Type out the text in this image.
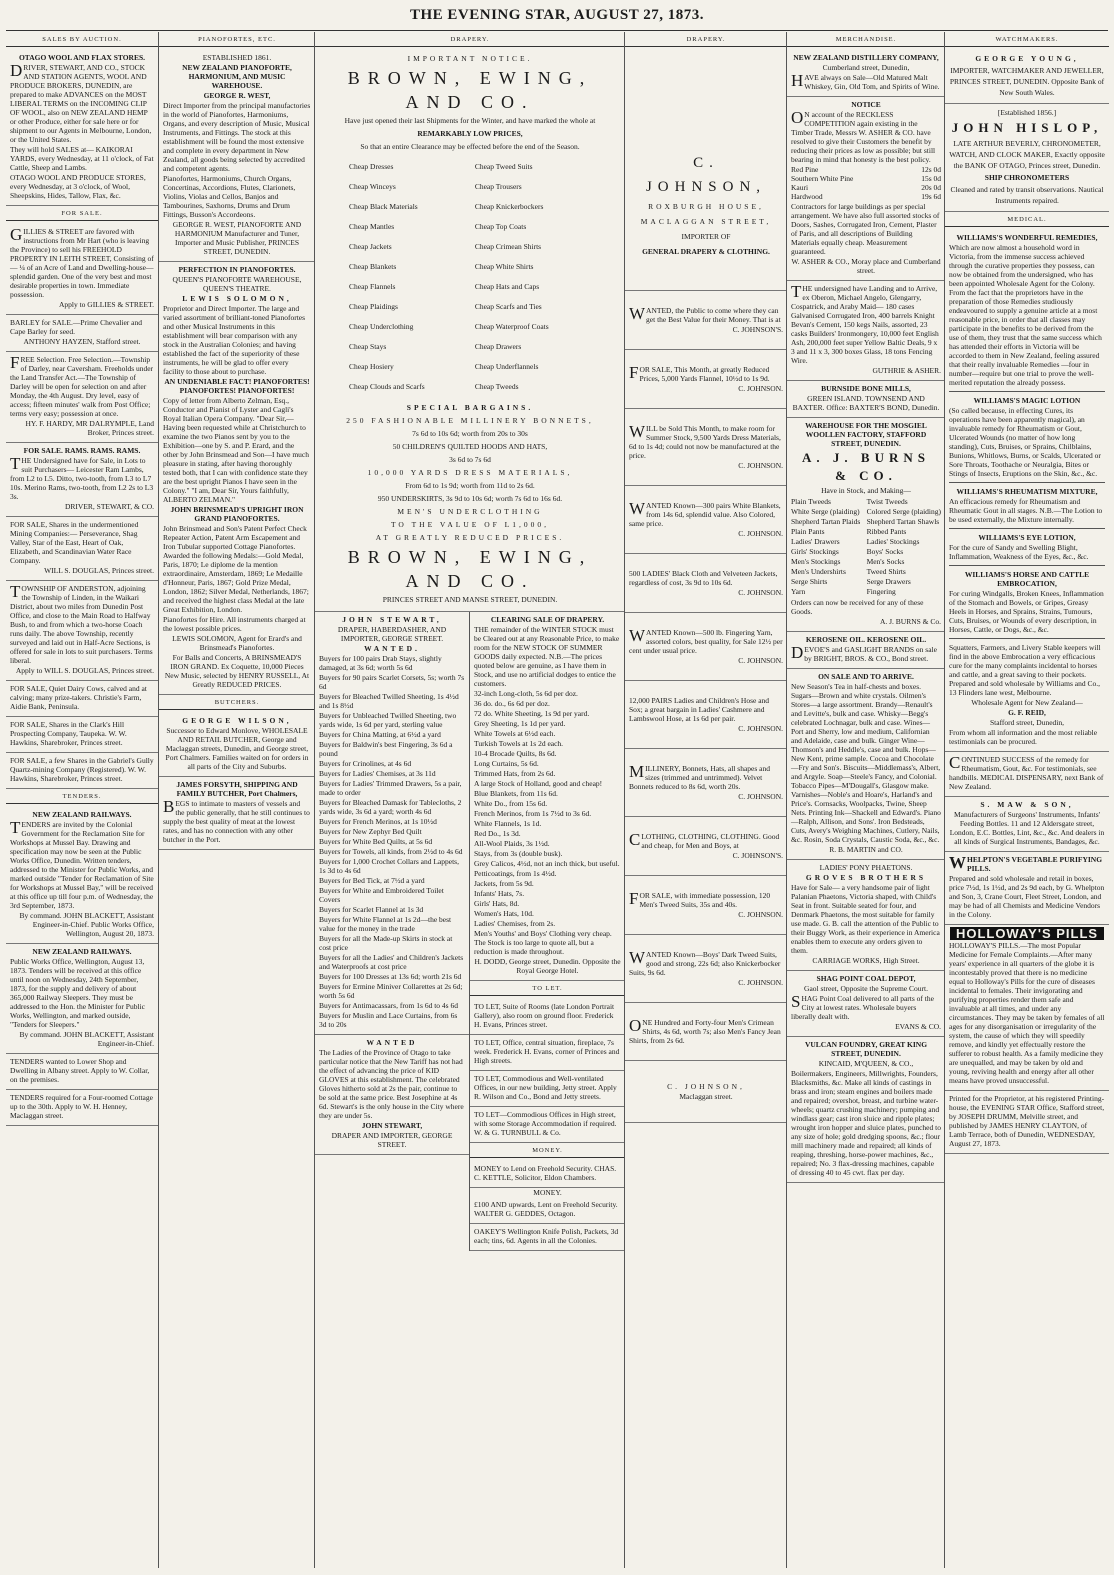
THE EVENING STAR, AUGUST 27, 1873.
SALES BY AUCTION.

OTAGO WOOL AND FLAX STORES.

DRIVER, STEWART, AND CO., STOCK AND STATION AGENTS, WOOL AND PRODUCE BROKERS, DUNEDIN, are prepared to make ADVANCES on the MOST LIBERAL TERMS on the INCOMING CLIP OF WOOL, also on NEW ZEALAND HEMP or other Produce, either for sale here or for shipment to our Agents in Melbourne, London, or the United States.

They will hold SALES at— KAIKORAI YARDS, every Wednesday, at 11 o'clock, of Fat Cattle, Sheep and Lambs.

OTAGO WOOL AND PRODUCE STORES, every Wednesday, at 3 o'clock, of Wool, Sheepskins, Hides, Tallow, Flax, &c.

FOR SALE.

GILLIES & STREET are favored with instructions from Mr Hart (who is leaving the Province) to sell his FREEHOLD PROPERTY IN LEITH STREET, Consisting of— ¼ of an Acre of Land and Dwelling-house—splendid garden. One of the very best and most desirable properties in town. Immediate possession.

Apply to GILLIES & STREET.

BARLEY for SALE.—Prime Chevalier and Cape Barley for seed.

ANTHONY HAYZEN, Stafford street.

FREE Selection. Free Selection.—Township of Darley, near Caversham. Freeholds under the Land Transfer Act.—The Township of Darley will be open for selection on and after Monday, the 4th August. Dry level, easy of access; fifteen minutes' walk from Post Office; terms very easy; possession at once.

HY. F. HARDY, MR DALRYMPLE, Land Broker, Princes street.

FOR SALE. RAMS. RAMS. RAMS.

THE Undersigned have for Sale, in Lots to suit Purchasers— Leicester Ram Lambs, from L2 to L5. Ditto, two-tooth, from L3 to L7 10s. Merino Rams, two-tooth, from L2 2s to L3 3s.

DRIVER, STEWART, & CO.

FOR SALE, Shares in the undermentioned Mining Companies:— Perseverance, Shag Valley, Star of the East, Heart of Oak, Elizabeth, and Scandinavian Water Race Company.

WILL S. DOUGLAS, Princes street.

TOWNSHIP OF ANDERSTON, adjoining the Township of Linden, in the Waikari District, about two miles from Dunedin Post Office, and close to the Main Road to Halfway Bush, to and from which a two-horse Coach runs daily. The above Township, recently surveyed and laid out in Half-Acre Sections, is offered for sale in lots to suit purchasers. Terms liberal.

Apply to WILL S. DOUGLAS, Princes street.

FOR SALE, Quiet Dairy Cows, calved and at calving; many prize-takers. Christie's Farm, Aidie Bank, Peninsula.

FOR SALE, Shares in the Clark's Hill Prospecting Company, Taupeka. W. W. Hawkins, Sharebroker, Princes street.

FOR SALE, a few Shares in the Gabriel's Gully Quartz-mining Company (Registered). W. W. Hawkins, Sharebroker, Princes street.

TENDERS.

NEW ZEALAND RAILWAYS.

TENDERS are invited by the Colonial Government for the Reclamation Site for Workshops at Mussel Bay. Drawing and specification may now be seen at the Public Works Office, Dunedin. Written tenders, addressed to the Minister for Public Works, and marked outside "Tender for Reclamation of Site for Workshops at Mussel Bay," will be received at this office up till four p.m. of Wednesday, the 3rd September, 1873.

By command. JOHN BLACKETT, Assistant Engineer-in-Chief. Public Works Office, Wellington, August 20, 1873.

NEW ZEALAND RAILWAYS.

Public Works Office, Wellington, August 13, 1873. Tenders will be received at this office until noon on Wednesday, 24th September, 1873, for the supply and delivery of about 365,000 Railway Sleepers. They must be addressed to the Hon. the Minister for Public Works, Wellington, and marked outside, "Tenders for Sleepers."

By command. JOHN BLACKETT, Assistant Engineer-in-Chief.

TENDERS wanted to Lower Shop and Dwelling in Albany street. Apply to W. Collar, on the premises.

TENDERS required for a Four-roomed Cottage up to the 30th. Apply to W. H. Henney, Maclaggan street.

PIANOFORTES, ETC.

ESTABLISHED 1861.

NEW ZEALAND PIANOFORTE, HARMONIUM, AND MUSIC WAREHOUSE.

GEORGE R. WEST,

Direct Importer from the principal manufactories in the world of Pianofortes, Harmoniums, Organs, and every description of Music, Musical Instruments, and Fittings. The stock at this establishment will be found the most extensive and complete in every department in New Zealand, all goods being selected by accredited and competent agents.

Pianofortes, Harmoniums, Church Organs, Concertinas, Accordions, Flutes, Clarionets, Violins, Violas and Cellos, Banjos and Tambourines, Saxhorns, Drums and Drum Fittings, Busson's Accordeons.

GEORGE R. WEST, PIANOFORTE AND HARMONIUM Manufacturer and Tuner, Importer and Music Publisher, PRINCES STREET, DUNEDIN.

PERFECTION IN PIANOFORTES.

QUEEN'S PIANOFORTE WAREHOUSE, QUEEN'S THEATRE.

LEWIS SOLOMON,

Proprietor and Direct Importer. The large and varied assortment of brilliant-toned Pianofortes and other Musical Instruments in this establishment will bear comparison with any stock in the Australian Colonies; and having established the fact of the superiority of these instruments, he will be glad to offer every facility to those about to purchase.

AN UNDENIABLE FACT! PIANOFORTES! PIANOFORTES! PIANOFORTES!

Copy of letter from Alberto Zelman, Esq., Conductor and Pianist of Lyster and Cagli's Royal Italian Opera Company. "Dear Sir,—Having been requested while at Christchurch to examine the two Pianos sent by you to the Exhibition—one by S. and P. Erard, and the other by John Brinsmead and Son—I have much pleasure in stating, after having thoroughly tested both, that I can with confidence state they are the best upright Pianos I have seen in the Colony." "I am, Dear Sir, Yours faithfully, ALBERTO ZELMAN."

JOHN BRINSMEAD'S UPRIGHT IRON GRAND PIANOFORTES.

John Brinsmead and Son's Patent Perfect Check Repeater Action, Patent Arm Escapement and Iron Tubular supported Cottage Pianofortes. Awarded the following Medals:—Gold Medal, Paris, 1870; Le diplome de la mention extraordinaire, Amsterdam, 1869; Le Medaille d'Honneur, Paris, 1867; Gold Prize Medal, London, 1862; Silver Medal, Netherlands, 1867; and received the highest class Medal at the late Great Exhibition, London.

Pianofortes for Hire. All instruments charged at the lowest possible prices.

LEWIS SOLOMON, Agent for Erard's and Brinsmead's Pianofortes.

For Balls and Concerts, A BRINSMEAD'S IRON GRAND. Ex Coquette, 10,000 Pieces New Music, selected by HENRY RUSSELL, At Greatly REDUCED PRICES.

BUTCHERS.

GEORGE WILSON,

Successor to Edward Monlove, WHOLESALE AND RETAIL BUTCHER, George and Maclaggan streets, Dunedin, and George street, Port Chalmers. Families waited on for orders in all parts of the City and Suburbs.

JAMES FORSYTH, SHIPPING AND FAMILY BUTCHER, Port Chalmers,

BEGS to intimate to masters of vessels and the public generally, that he still continues to supply the best quality of meat at the lowest rates, and has no connection with any other butcher in the Port.

DRAPERY.

IMPORTANT NOTICE.

BROWN, EWING, AND CO.

Have just opened their last Shipments for the Winter, and have marked the whole at

REMARKABLY LOW PRICES,

So that an entire Clearance may be effected before the end of the Season.

Cheap Dresses

Cheap Winceys

Cheap Black Materials

Cheap Mantles

Cheap Jackets

Cheap Blankets

Cheap Flannels

Cheap Plaidings

Cheap Underclothing

Cheap Stays

Cheap Hosiery

Cheap Clouds and Scarfs

Cheap Tweed Suits

Cheap Trousers

Cheap Knickerbockers

Cheap Top Coats

Cheap Crimean Shirts

Cheap White Shirts

Cheap Hats and Caps

Cheap Scarfs and Ties

Cheap Waterproof Coats

Cheap Drawers

Cheap Underflannels

Cheap Tweeds

SPECIAL BARGAINS.

250 FASHIONABLE MILLINERY BONNETS,

7s 6d to 10s 6d; worth from 20s to 30s

50 CHILDREN'S QUILTED HOODS AND HATS,

3s 6d to 7s 6d

10,000 YARDS DRESS MATERIALS,

From 6d to 1s 9d; worth from 11d to 2s 6d.

950 UNDERSKIRTS, 3s 9d to 10s 6d; worth 7s 6d to 16s 6d.

MEN'S UNDERCLOTHING

TO THE VALUE OF L1,000,

AT GREATLY REDUCED PRICES.

BROWN, EWING, AND CO.

PRINCES STREET AND MANSE STREET, DUNEDIN.

JOHN STEWART,

DRAPER, HABERDASHER, AND IMPORTER, GEORGE STREET.

WANTED.

Buyers for 100 pairs Drab Stays, slightly damaged, at 3s 6d; worth 5s 6d

Buyers for 90 pairs Scarlet Corsets, 5s; worth 7s 6d

Buyers for Bleached Twilled Sheeting, 1s 4½d and 1s 8½d

Buyers for Unbleached Twilled Sheeting, two yards wide, 1s 6d per yard, sterling value

Buyers for China Matting, at 6½d a yard

Buyers for Baldwin's best Fingering, 3s 6d a pound

Buyers for Crinolines, at 4s 6d

Buyers for Ladies' Chemises, at 3s 11d

Buyers for Ladies' Trimmed Drawers, 5s a pair, made to order

Buyers for Bleached Damask for Tablecloths, 2 yards wide, 3s 6d a yard; worth 4s 6d

Buyers for French Merinos, at 1s 10½d

Buyers for New Zephyr Bed Quilt

Buyers for White Bed Quilts, at 5s 6d

Buyers for Towels, all kinds, from 2½d to 4s 6d

Buyers for 1,000 Crochet Collars and Lappets, 1s 3d to 4s 6d

Buyers for Bed Tick, at 7½d a yard

Buyers for White and Embroidered Toilet Covers

Buyers for Scarlet Flannel at 1s 3d

Buyers for White Flannel at 1s 2d—the best value for the money in the trade

Buyers for all the Made-up Skirts in stock at cost price

Buyers for all the Ladies' and Children's Jackets and Waterproofs at cost price

Buyers for 100 Dresses at 13s 6d; worth 21s 6d

Buyers for Ermine Miniver Collarettes at 2s 6d; worth 5s 6d

Buyers for Antimacassars, from 1s 6d to 4s 6d

Buyers for Muslin and Lace Curtains, from 6s 3d to 20s

WANTED

The Ladies of the Province of Otago to take particular notice that the New Tariff has not had the effect of advancing the price of KID GLOVES at this establishment. The celebrated Gloves hitherto sold at 2s the pair, continue to be sold at the same price. Best Josephine at 4s 6d. Stewart's is the only house in the City where they are under 5s.

JOHN STEWART,

DRAPER AND IMPORTER, GEORGE STREET.

CLEARING SALE OF DRAPERY.

THE remainder of the WINTER STOCK must be Cleared out at any Reasonable Price, to make room for the NEW STOCK OF SUMMER GOODS daily expected. N.B.—The prices quoted below are genuine, as I have them in Stock, and use no artificial dodges to entice the customers.

32-inch Long-cloth, 5s 6d per doz.

36 do. do., 6s 6d per doz.

72 do. White Sheeting, 1s 9d per yard.

Grey Sheeting, 1s 1d per yard.

White Towels at 6½d each.

Turkish Towels at 1s 2d each.

10-4 Brocade Quilts, 8s 6d.

Long Curtains, 5s 6d.

Trimmed Hats, from 2s 6d.

A large Stock of Holland, good and cheap!

Blue Blankets, from 11s 6d.

White Do., from 15s 6d.

French Merinos, from 1s 7½d to 3s 6d.

White Flannels, 1s 1d.

Red Do., 1s 3d.

All-Wool Plaids, 3s 1½d.

Stays, from 3s (double busk).

Grey Calicos, 4½d, not an inch thick, but useful.

Petticoatings, from 1s 4½d.

Jackets, from 5s 9d.

Infants' Hats, 7s.

Girls' Hats, 8d.

Women's Hats, 10d.

Ladies' Chemises, from 2s.

Men's Youths' and Boys' Clothing very cheap. The Stock is too large to quote all, but a reduction is made throughout.

H. DODD, George street, Dunedin. Opposite the Royal George Hotel.

TO LET.

TO LET, Suite of Rooms (late London Portrait Gallery), also room on ground floor. Frederick H. Evans, Princes street.

TO LET, Office, central situation, fireplace, 7s week. Frederick H. Evans, corner of Princes and High streets.

TO LET, Commodious and Well-ventilated Offices, in our new building, Jetty street. Apply R. Wilson and Co., Bond and Jetty streets.

TO LET—Commodious Offices in High street, with some Storage Accommodation if required. W. & G. TURNBULL & Co.

MONEY.

MONEY to Lend on Freehold Security. CHAS. C. KETTLE, Solicitor, Eldon Chambers.

MONEY.

£100 AND upwards, Lent on Freehold Security. WALTER G. GEDDES, Octagon.

OAKEY'S Wellington Knife Polish, Packets, 3d each; tins, 6d. Agents in all the Colonies.

DRAPERY.

C. JOHNSON,

ROXBURGH HOUSE,

MACLAGGAN STREET,

IMPORTER OF

GENERAL DRAPERY & CLOTHING.

WANTED, the Public to come where they can get the Best Value for their Money. That is at

C. JOHNSON'S.

FOR SALE, This Month, at greatly Reduced Prices, 5,000 Yards Flannel, 10½d to 1s 9d.

C. JOHNSON.

WILL be Sold This Month, to make room for Summer Stock, 9,500 Yards Dress Materials, 6d to 1s 4d; could not now be manufactured at the price.

C. JOHNSON.

WANTED Known—300 pairs White Blankets, from 14s 6d, splendid value. Also Colored, same price.

C. JOHNSON.

500 LADIES' Black Cloth and Velveteen Jackets, regardless of cost, 3s 9d to 10s 6d.

C. JOHNSON.

WANTED Known—500 lb. Fingering Yarn, assorted colors, best quality, for Sale 12½ per cent under usual price.

C. JOHNSON.

12,000 PAIRS Ladies and Children's Hose and Sox; a great bargain in Ladies' Cashmere and Lambswool Hose, at 1s 6d per pair.

C. JOHNSON.

MILLINERY, Bonnets, Hats, all shapes and sizes (trimmed and untrimmed). Velvet Bonnets reduced to 8s 6d, worth 20s.

C. JOHNSON.

CLOTHING, CLOTHING, CLOTHING. Good and cheap, for Men and Boys, at

C. JOHNSON'S.

FOR SALE, with immediate possession, 120 Men's Tweed Suits, 35s and 40s.

C. JOHNSON.

WANTED Known—Boys' Dark Tweed Suits, good and strong, 22s 6d; also Knickerbocker Suits, 9s 6d.

C. JOHNSON.

ONE Hundred and Forty-four Men's Crimean Shirts, 4s 6d, worth 7s; also Men's Fancy Jean Shirts, from 2s 6d.

C. JOHNSON,

Maclaggan street.

MERCHANDISE.

NEW ZEALAND DISTILLERY COMPANY,

Cumberland street, Dunedin,

HAVE always on Sale—Old Matured Malt Whiskey, Gin, Old Tom, and Spirits of Wine.

NOTICE

ON account of the RECKLESS COMPETITION again existing in the Timber Trade, Messrs W. ASHER & CO. have resolved to give their Customers the benefit by reducing their prices as low as possible; but still bearing in mind that honesty is the best policy.

Red Pine	12s 0d
Southern White Pine	15s 0d
Kauri	20s 0d
Hardwood	19s 6d

Contractors for large buildings as per special arrangement. We have also full assorted stocks of Doors, Sashes, Corrugated Iron, Cement, Plaster of Paris, and all descriptions of Building Materials equally cheap. Measurement guaranteed.

W. ASHER & CO., Moray place and Cumberland street.

THE undersigned have Landing and to Arrive, ex Oberon, Michael Angelo, Glengarry, Cospatrick, and Araby Maid— 180 cases Galvanised Corrugated Iron, 400 barrels Knight Bevan's Cement, 150 kegs Nails, assorted, 23 casks Builders' Ironmongery, 10,000 feet English Ash, 200,000 feet super Yellow Baltic Deals, 9 x 3 and 11 x 3, 300 boxes Glass, 18 tons Fencing Wire.

GUTHRIE & ASHER.

BURNSIDE BONE MILLS,

GREEN ISLAND. TOWNSEND AND BAXTER. Office: BAXTER'S BOND, Dunedin.

WAREHOUSE FOR THE MOSGIEL WOOLLEN FACTORY, STAFFORD STREET, DUNEDIN.

A. J. BURNS & CO.

Have in Stock, and Making—

Plain Tweeds

White Serge (plaiding)

Shepherd Tartan Plaids

Plain Pants

Ladies' Drawers

Girls' Stockings

Men's Stockings

Men's Undershirts

Serge Shirts

Yarn

Twist Tweeds

Colored Serge (plaiding)

Shepherd Tartan Shawls

Ribbed Pants

Ladies' Stockings

Boys' Socks

Men's Socks

Tweed Shirts

Serge Drawers

Fingering

Orders can now be received for any of these Goods.

A. J. BURNS & Co.

KEROSENE OIL. KEROSENE OIL.

DEVOE'S and GASLIGHT BRANDS on sale by BRIGHT, BROS. & CO., Bond street.

ON SALE AND TO ARRIVE.

New Season's Tea in half-chests and boxes. Sugars—Brown and white crystals. Oilmen's Stores—a large assortment. Brandy—Renault's and Levitte's, bulk and case. Whisky—Begg's celebrated Lochnagar, bulk and case. Wines—Port and Sherry, low and medium, Californian and Adelaide, case and bulk. Ginger Wine—Thomson's and Heddle's, case and bulk. Hops—New Kent, prime sample. Cocoa and Chocolate—Fry and Son's. Biscuits—Middlemass's, Albert, and Argyle. Soap—Steele's Fancy, and Colonial. Tobacco Pipes—M'Dougall's, Glasgow make. Varnishes—Noble's and Hoare's, Harland's and Price's. Cornsacks, Woolpacks, Twine, Sheep Nets. Printing Ink—Shackell and Edward's. Piano—Ralph, Allison, and Sons'. Iron Bedsteads, Cuts, Avery's Weighing Machines, Cutlery, Nails, &c. Rosin, Soda Crystals, Caustic Soda, &c., &c.

R. B. MARTIN and CO.

LADIES' PONY PHAETONS.

GROVES BROTHERS

Have for Sale— a very handsome pair of light Palanian Phaetons, Victoria shaped, with Child's Seat in front. Suitable seated for four, and Denmark Phaetons, the most suitable for family use made. G. B. call the attention of the Public to their Buggy Work, as their experience in America enables them to execute any orders given to them.

CARRIAGE WORKS, High Street.

SHAG POINT COAL DEPOT,

Gaol street, Opposite the Supreme Court.

SHAG Point Coal delivered to all parts of the City at lowest rates. Wholesale buyers liberally dealt with.

EVANS & CO.

VULCAN FOUNDRY, GREAT KING STREET, DUNEDIN.

KINCAID, M'QUEEN, & CO.,

Boilermakers, Engineers, Millwrights, Founders, Blacksmiths, &c. Make all kinds of castings in brass and iron; steam engines and boilers made and repaired; overshot, breast, and turbine water-wheels; quartz crushing machinery; pumping and windlass gear; cast iron sluice and ripple plates; wrought iron hopper and sluice plates, punched to any size of hole; gold dredging spoons, &c.; flour mill machinery made and repaired; all kinds of reaping, threshing, horse-power machines, &c., repaired; No. 3 flax-dressing machines, capable of dressing 40 to 45 cwt. flax per day.

WATCHMAKERS.

GEORGE YOUNG,

IMPORTER, WATCHMAKER AND JEWELLER, PRINCES STREET, DUNEDIN. Opposite Bank of New South Wales.

[Established 1856.]

JOHN HISLOP,

LATE ARTHUR BEVERLY, CHRONOMETER, WATCH, AND CLOCK MAKER, Exactly opposite the BANK OF OTAGO, Princes street, Dunedin.

SHIP CHRONOMETERS

Cleaned and rated by transit observations. Nautical Instruments repaired.

MEDICAL.

WILLIAMS'S WONDERFUL REMEDIES,

Which are now almost a household word in Victoria, from the immense success achieved through the curative properties they possess, can now be obtained from the undersigned, who has been appointed Wholesale Agent for the Colony. From the fact that the proprietors have in the preparation of those Remedies studiously endeavoured to supply a genuine article at a most reasonable price, in order that all classes may participate in the benefits to be derived from the use of them, they trust that the same success which has attended their efforts in Victoria will be accorded to them in New Zealand, feeling assured that their really invaluable Remedies —four in number—require but one trial to prove the well-merited reputation the already possess.

WILLIAMS'S MAGIC LOTION

(So called because, in effecting Cures, its operations have been apparently magical), an invaluable remedy for Rheumatism or Gout, Ulcerated Wounds (no matter of how long standing), Cuts, Bruises, or Sprains, Chilblains, Bunions, Whitlows, Burns, or Scalds, Ulcerated or Sore Throats, Toothache or Neuralgia, Bites or Stings of Insects, Eruptions on the Skin, &c., &c.

WILLIAMS'S RHEUMATISM MIXTURE,

An efficacious remedy for Rheumatism and Rheumatic Gout in all stages. N.B.—The Lotion to be used externally, the Mixture internally.

WILLIAMS'S EYE LOTION,

For the cure of Sandy and Swelling Blight, Inflammation, Weakness of the Eyes, &c., &c.

WILLIAMS'S HORSE AND CATTLE EMBROCATION,

For curing Windgalls, Broken Knees, Inflammation of the Stomach and Bowels, or Gripes, Greasy Heels in Horses, and Sprains, Strains, Tumours, Cuts, Bruises, or Wounds of every description, in Horses, Cattle, or Dogs, &c., &c.

Squatters, Farmers, and Livery Stable keepers will find in the above Embrocation a very efficacious cure for the many complaints incidental to horses and cattle, and a great saving to their pockets. Prepared and sold wholesale by Williams and Co., 13 Flinders lane west, Melbourne.

Wholesale Agent for New Zealand—

G. F. REID,

Stafford street, Dunedin,

From whom all information and the most reliable testimonials can be procured.

CONTINUED SUCCESS of the remedy for Rheumatism, Gout, &c. For testimonials, see handbills. MEDICAL DISPENSARY, next Bank of New Zealand.

S. MAW & SON,

Manufacturers of Surgeons' Instruments, Infants' Feeding Bottles. 11 and 12 Aldersgate street, London, E.C. Bottles, Lint, &c., &c. And dealers in all kinds of Surgical Instruments, Bandages, &c.

WHELPTON'S VEGETABLE PURIFYING PILLS.

Prepared and sold wholesale and retail in boxes, price 7½d, 1s 1½d, and 2s 9d each, by G. Whelpton and Son, 3, Crane Court, Fleet Street, London, and may be had of all Chemists and Medicine Vendors in the Colony.

HOLLOWAY'S PILLS

HOLLOWAY'S PILLS.—The most Popular Medicine for Female Complaints.—After many years' experience in all quarters of the globe it is incontestably proved that there is no medicine equal to Holloway's Pills for the cure of diseases incidental to females. Their invigorating and purifying properties render them safe and invaluable at all times, and under any circumstances. They may be taken by females of all ages for any disorganisation or irregularity of the system, the cause of which they will speedily remove, and kindly yet effectually restore the sufferer to robust health. As a family medicine they are unequalled, and may be taken by old and young, reviving health and energy after all other means have proved unsuccessful.

Printed for the Proprietor, at his registered Printing-house, the EVENING STAR Office, Stafford street, by JOSEPH DRUMM, Melville street, and published by JAMES HENRY CLAYTON, of Lamb Terrace, both of Dunedin, WEDNESDAY, August 27, 1873.
